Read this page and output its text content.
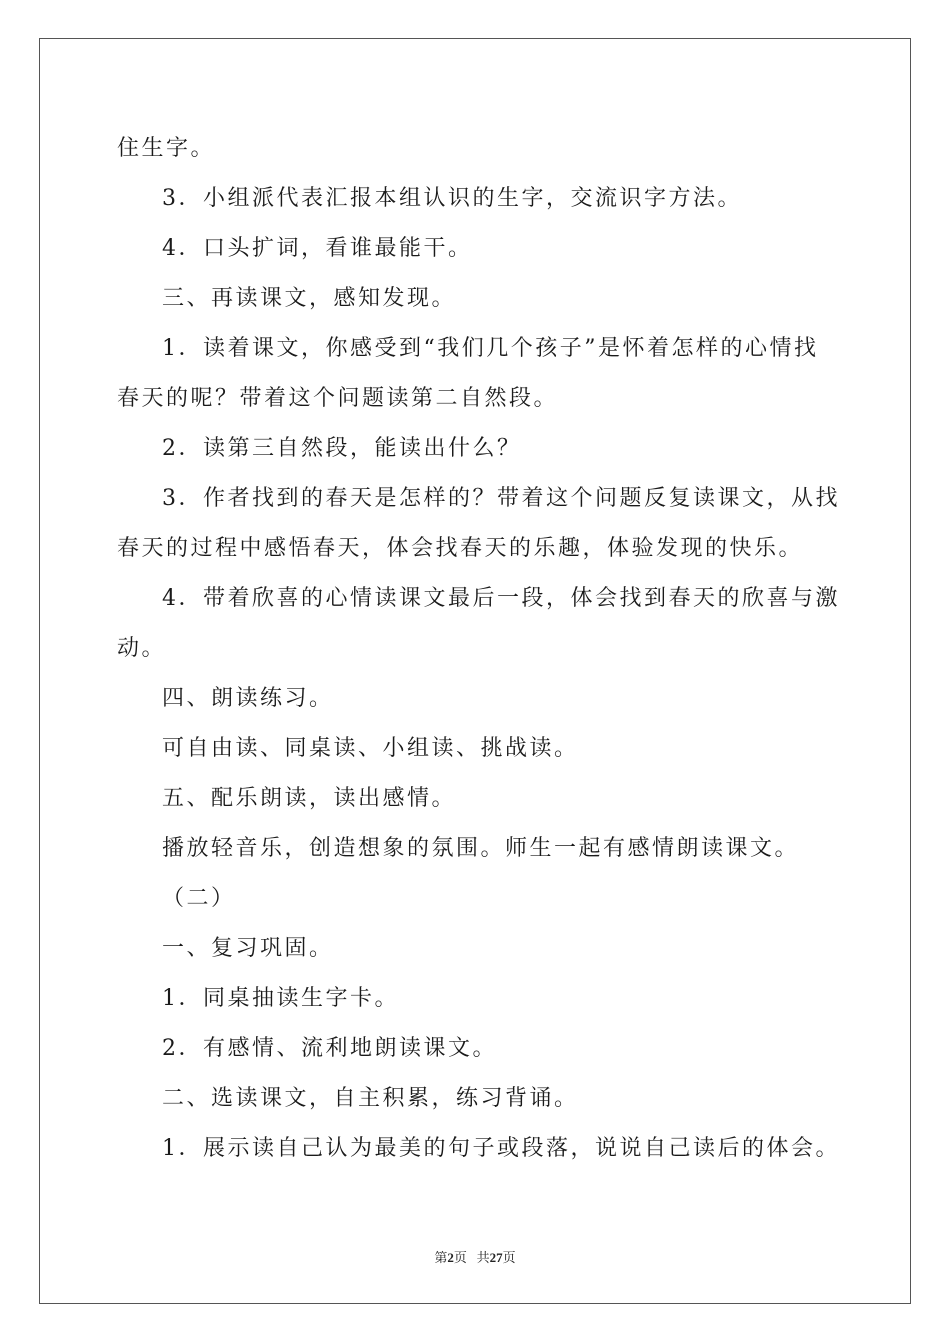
住生字。
3．小组派代表汇报本组认识的生字，交流识字方法。
4．口头扩词，看谁最能干。
三、再读课文，感知发现。
1．读着课文，你感受到“我们几个孩子”是怀着怎样的心情找
春天的呢？带着这个问题读第二自然段。
2．读第三自然段，能读出什么？
3．作者找到的春天是怎样的？带着这个问题反复读课文，从找
春天的过程中感悟春天，体会找春天的乐趣，体验发现的快乐。
4．带着欣喜的心情读课文最后一段，体会找到春天的欣喜与激
动。
四、朗读练习。
可自由读、同桌读、小组读、挑战读。
五、配乐朗读，读出感情。
播放轻音乐，创造想象的氛围。师生一起有感情朗读课文。
（二）
一、复习巩固。
1．同桌抽读生字卡。
2．有感情、流利地朗读课文。
二、选读课文，自主积累，练习背诵。
1．展示读自己认为最美的句子或段落，说说自己读后的体会。
第2页 共27页
